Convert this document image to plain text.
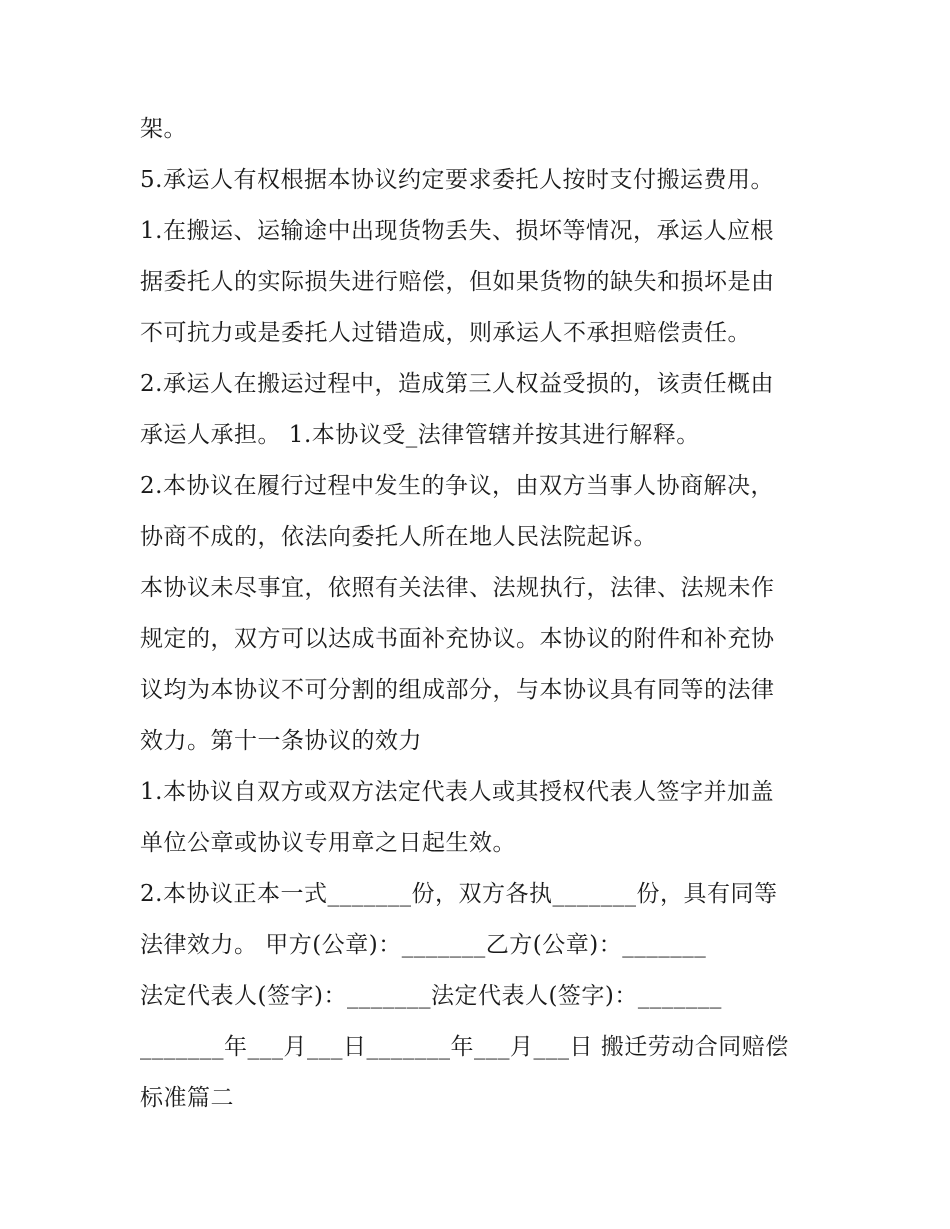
架。
5.承运人有权根据本协议约定要求委托人按时支付搬运费用。
1.在搬运、运输途中出现货物丢失、损坏等情况，承运人应根
据委托人的实际损失进行赔偿，但如果货物的缺失和损坏是由
不可抗力或是委托人过错造成，则承运人不承担赔偿责任。
2.承运人在搬运过程中，造成第三人权益受损的，该责任概由
承运人承担。 1.本协议受_法律管辖并按其进行解释。
2.本协议在履行过程中发生的争议，由双方当事人协商解决，
协商不成的，依法向委托人所在地人民法院起诉。
本协议未尽事宜，依照有关法律、法规执行，法律、法规未作
规定的，双方可以达成书面补充协议。本协议的附件和补充协
议均为本协议不可分割的组成部分，与本协议具有同等的法律
效力。第十一条协议的效力
1.本协议自双方或双方法定代表人或其授权代表人签字并加盖
单位公章或协议专用章之日起生效。
2.本协议正本一式_______份，双方各执_______份，具有同等
法律效力。 甲方(公章)：_______乙方(公章)：_______
法定代表人(签字)：_______法定代表人(签字)：_______
_______年___月___日_______年___月___日 搬迁劳动合同赔偿
标准篇二
